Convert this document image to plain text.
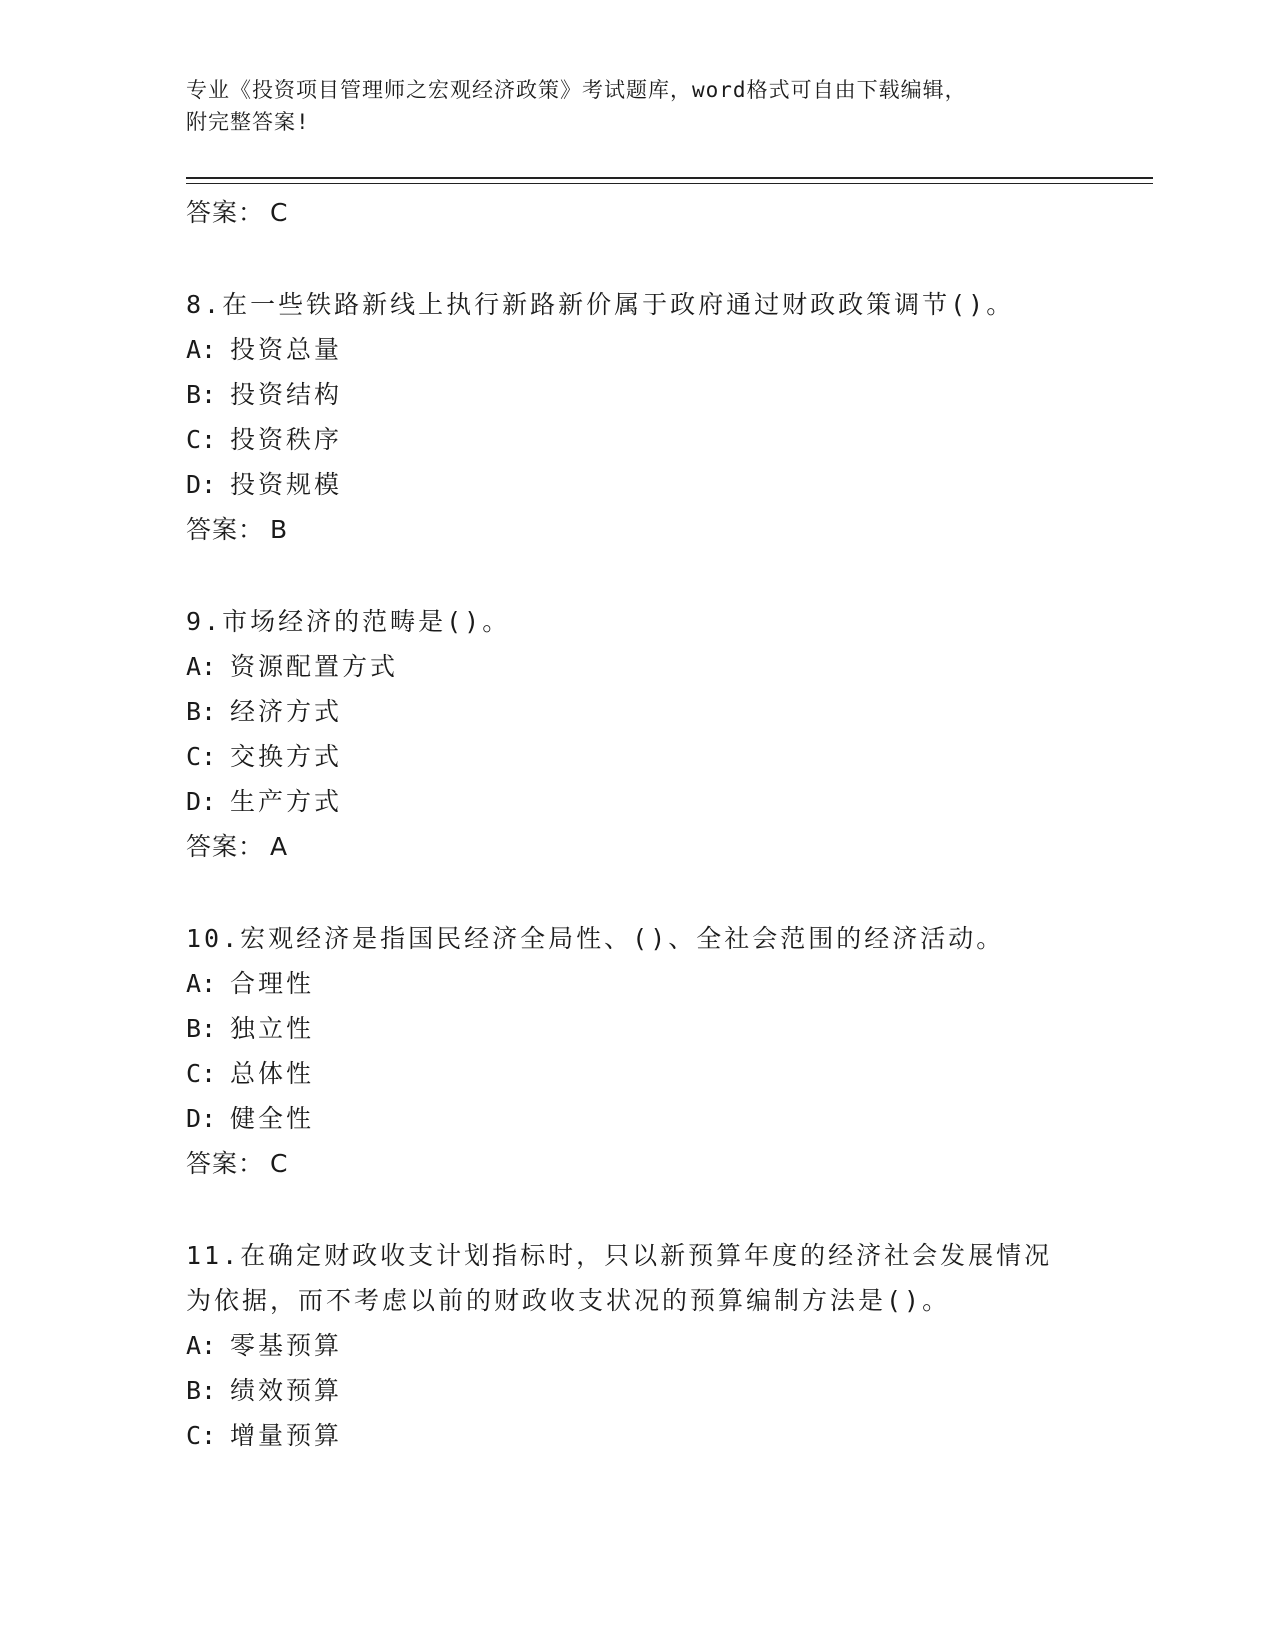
专业《投资项目管理师之宏观经济政策》考试题库，word格式可自由下载编辑，
附完整答案!
答案： C
8.在一些铁路新线上执行新路新价属于政府通过财政政策调节()。
A: 投资总量
B: 投资结构
C: 投资秩序
D: 投资规模
答案： B
9.市场经济的范畴是()。
A: 资源配置方式
B: 经济方式
C: 交换方式
D: 生产方式
答案： A
10.宏观经济是指国民经济全局性、()、全社会范围的经济活动。
A: 合理性
B: 独立性
C: 总体性
D: 健全性
答案： C
11.在确定财政收支计划指标时，只以新预算年度的经济社会发展情况
为依据，而不考虑以前的财政收支状况的预算编制方法是()。
A: 零基预算
B: 绩效预算
C: 增量预算
